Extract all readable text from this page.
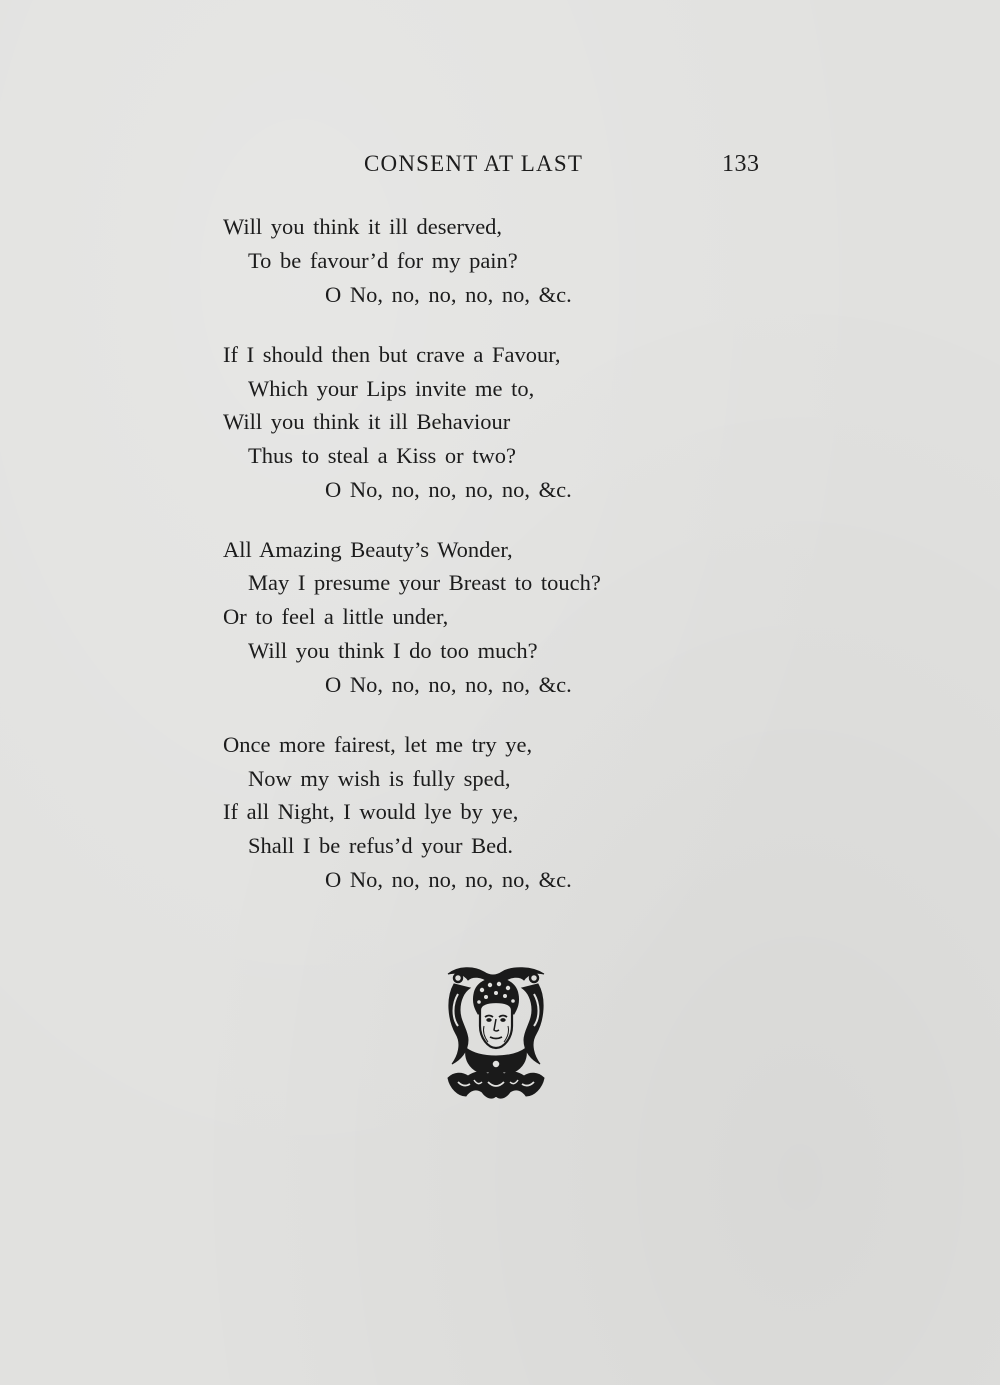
CONSENT AT LAST	133
Will you think it ill deserved,
To be favour’d for my pain?
O No, no, no, no, no, &c.
If I should then but crave a Favour,
Which your Lips invite me to,
Will you think it ill Behaviour
Thus to steal a Kiss or two?
O No, no, no, no, no, &c.
All Amazing Beauty’s Wonder,
May I presume your Breast to touch?
Or to feel a little under,
Will you think I do too much?
O No, no, no, no, no, &c.
Once more fairest, let me try ye,
Now my wish is fully sped,
If all Night, I would lye by ye,
Shall I be refus’d your Bed.
O No, no, no, no, no, &c.
